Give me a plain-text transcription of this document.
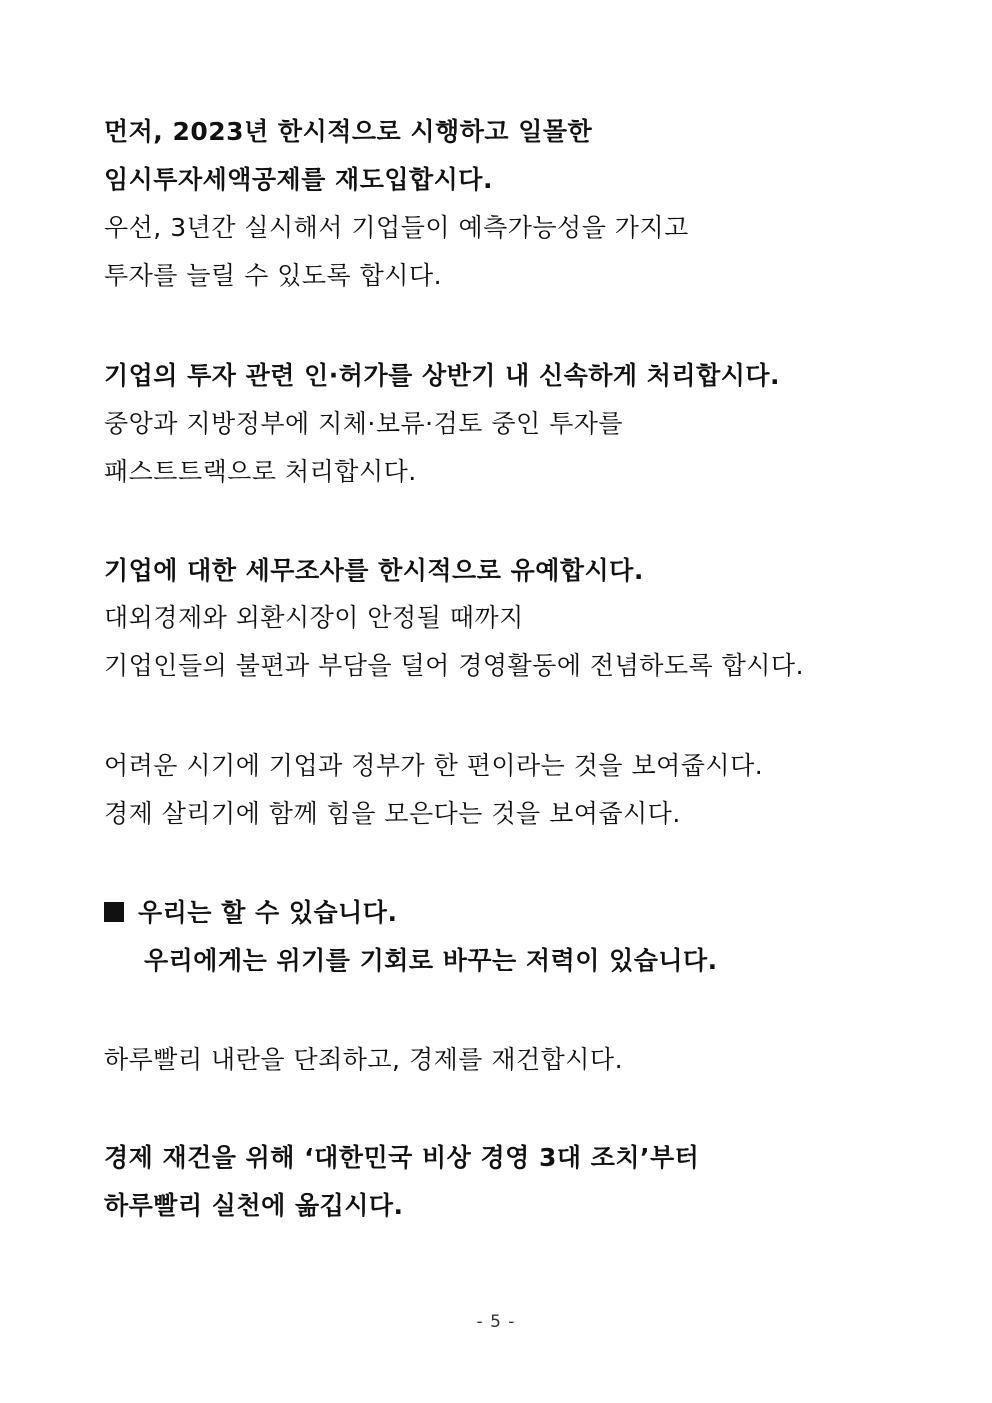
먼저, 2023년 한시적으로 시행하고 일몰한
임시투자세액공제를 재도입합시다.
우선, 3년간 실시해서 기업들이 예측가능성을 가지고
투자를 늘릴 수 있도록 합시다.
기업의 투자 관련 인·허가를 상반기 내 신속하게 처리합시다.
중앙과 지방정부에 지체·보류·검토 중인 투자를
패스트트랙으로 처리합시다.
기업에 대한 세무조사를 한시적으로 유예합시다.
대외경제와 외환시장이 안정될 때까지
기업인들의 불편과 부담을 덜어 경영활동에 전념하도록 합시다.
어려운 시기에 기업과 정부가 한 편이라는 것을 보여줍시다.
경제 살리기에 함께 힘을 모은다는 것을 보여줍시다.
우리는 할 수 있습니다.
우리에게는 위기를 기회로 바꾸는 저력이 있습니다.
하루빨리 내란을 단죄하고, 경제를 재건합시다.
경제 재건을 위해 ‘대한민국 비상 경영 3대 조치’부터
하루빨리 실천에 옮깁시다.
- 5 -
